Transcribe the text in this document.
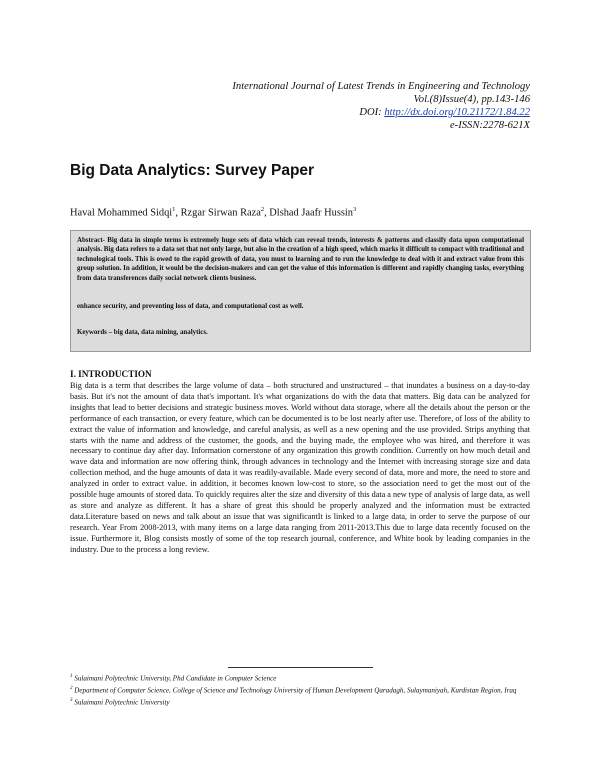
International Journal of Latest Trends in Engineering and Technology
Vol.(8)Issue(4), pp.143-146
DOI: http://dx.doi.org/10.21172/1.84.22
e-ISSN:2278-621X
Big Data Analytics: Survey Paper
Haval Mohammed Sidqi$^1$, Rzgar Sirwan Raza$^2$, Dlshad Jaafr Hussin$^3$

Abstract- Big data in simple terms is extremely huge sets of data which can reveal trends, interests & patterns and classify data upon computational analysis. Big data refers to a data set that not only large, but also in the creation of a high speed, which marks it difficult to compact with traditional and technological tools. This is owed to the rapid growth of data, you must to learning and to run the knowledge to deal with it and extract value from this group solution. In addition, it would be the decision-makers and can get the value of this information is different and rapidly changing tasks, everything from data transferences daily social network clients business.

enhance security, and preventing loss of data, and computational cost as well.

Keywords – big data, data mining, analytics.

I. INTRODUCTION

Big data is a term that describes the large volume of data – both structured and unstructured – that inundates a business on a day-to-day basis. But it's not the amount of data that's important. It's what organizations do with the data that matters. Big data can be analyzed for insights that lead to better decisions and strategic business moves. World without data storage, where all the details about the person or the performance of each transaction, or every feature, which can be documented is to be lost nearly after use. Therefore, of loss of the ability to extract the value of information and knowledge, and careful analysis, as well as a new opening and the use provided. Strips anything that starts with the name and address of the customer, the goods, and the buying made, the employee who was hired, and therefore it was necessary to continue day after day. Information cornerstone of any organization this growth condition. Currently on how much detail and wave data and information are now offering think, through advances in technology and the Internet with increasing storage size and data collection method, and the huge amounts of data it was readily-available. Made every second of data, more and more, the need to store and analyzed in order to extract value. in addition, it becomes known low-cost to store, so the association need to get the most out of the possible huge amounts of stored data. To quickly requires alter the size and diversity of this data a new type of analysis of large data, as well as store and analyze as different. It has a share of great this should be properly analyzed and the information must be extracted data.Literature based on news and talk about an issue that was significantIt is linked to a large data, in order to serve the purpose of our research. Year From 2008-2013, with many items on a large data ranging from 2011-2013.This due to large data recently focused on the issue. Furthermore it, Blog consists mostly of some of the top research journal, conference, and White book by leading companies in the industry. Due to the process a long review.

$^1$ Sulaimani Polytechnic University, Phd Candidate in Computer Science
$^2$ Department of Computer Science, College of Science and Technology University of Human Development Qaradagh, Sulaymaniyah, Kurdistan Region, Iraq
$^3$ Sulaimani Polytechnic University
